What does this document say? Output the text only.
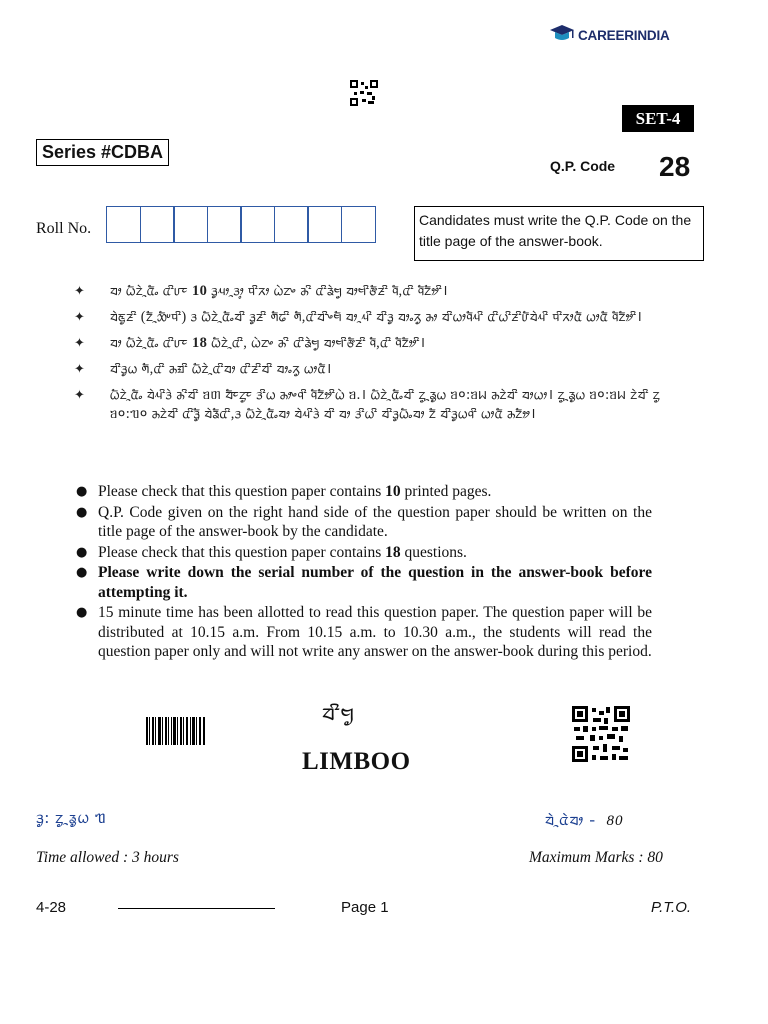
CAREERINDIA
SET-4
Series #CDBA
Q.P. Code 28
Roll No.	Candidates must write the Q.P. Code on the title page of the answer-book.
✦ ᤔᤣ ᤐᤠᤁᤧᤳᤂᤠᤱ ᤂᤡᤙᤰ 10 ᤋᤢᤘᤣᤳᤋᤣᤲ ᤄᤡᤖᤣ ᤐᤧᤁᤴ ᤌᤡ ᤂᤡᤕᤧᤗᤢ ᤔᤣᤗᤡᤅᤠᤏᤡ ᤚᤠ,ᤂᤡ ᤚᤠᤁᤦᤡ।
✦ ᤔᤧᤇᤢᤏᤡ (ᤁᤠᤳᤑᤠᤸᤄᤡ) ᤋ ᤐᤠᤁᤧᤳᤂᤠᤱᤔᤡ ᤋᤢᤏᤡ ᤛᤠᤒᤡ ᤛᤠ,ᤂᤡᤔᤡᤴᤗᤠ ᤔᤣᤳᤘᤡ ᤔᤡᤋᤢ ᤔᤣᤱᤖᤢ ᤌᤣ ᤔᤡᤐᤣᤚᤠᤘᤡ ᤂᤡᤐᤡᤏᤡᤙᤠᤔᤧᤘᤡ ᤄᤡᤖᤣᤂᤠ ᤐᤣᤂᤠ ᤚᤠᤁᤦᤡ।
✦ ᤔᤣ ᤐᤠᤁᤧᤳᤂᤠᤱ ᤂᤡᤙᤰ 18 ᤐᤠᤁᤧᤳᤂᤡ, ᤐᤧᤁᤴ ᤌᤡ ᤂᤡᤕᤧᤗᤢ ᤔᤣᤗᤡᤅᤠᤏᤡ ᤚᤠ,ᤂᤡ ᤚᤠᤁᤦᤡ।
✦ ᤔᤡᤋᤢᤐ ᤛᤠ,ᤂᤡ ᤌᤀᤡ ᤐᤠᤁᤧᤳᤂᤡᤔᤣ ᤂᤡᤏᤡᤔᤡ ᤔᤣᤱᤖᤢ ᤐᤣᤂᤠ।
✦ ᤐᤠᤁᤧᤳᤂᤠᤱ ᤔᤧᤘᤡᤋᤧ ᤌᤡᤔᤡ ᥑᥖ ᤔᤠᤰᤁᤢᤰ ᤋᤡᤐ ᤌᤣᤴᤚᤡ ᤚᤠᤁᤦᤡᤐᤧ ᥑ.। ᤐᤠᤁᤧᤳᤂᤠᤱᤔᤡ ᤁᤢᤳᤕᤢᤐ ᥑ०:ᥑᥕ ᤌᤁᤧᤔᤡ ᤔᤣᤐᤣ। ᤁᤢᤳᤕᤢᤐ ᥑ०:ᥑᥕ ᤁᤧᤔᤡ ᤁᤢ ᥑ०:ᥓ० ᤌᤁᤧᤔᤡ ᤂᤡᤋᤢᤠ ᤔᤧᤕᤠᤂᤡ,ᤋ ᤐᤠᤁᤧᤳᤂᤠᤱᤔᤣ ᤔᤧᤘᤡᤋᤧ ᤔᤡ ᤔᤣ ᤋᤡᤐᤡ ᤔᤡᤋᤢᤐᤠᤱᤔᤣ ᤁᤠ ᤔᤡᤋᤢᤐᤚᤡ ᤐᤣᤂᤠ ᤌᤁᤦ।
● Please check that this question paper contains 10 printed pages.
● Q.P. Code given on the right hand side of the question paper should be written on the title page of the answer-book by the candidate.
● Please check that this question paper contains 18 questions.
● Please write down the serial number of the question in the answer-book before attempting it.
● 15 minute time has been allotted to read this question paper. The question paper will be distributed at 10.15 a.m. From 10.15 a.m. to 10.30 a.m., the students will read the question paper only and will not write any answer on the answer-book during this period.
ᤔᤡᤗᤢ
LIMBOO
ᤋᤢ: ᤁᤢᤳᤕᤢᤐ ᥓ	ᤔᤧᤳᤂᤧᤔᤣ - 80
Time allowed : 3 hours	Maximum Marks : 80
4-28	Page 1	P.T.O.
